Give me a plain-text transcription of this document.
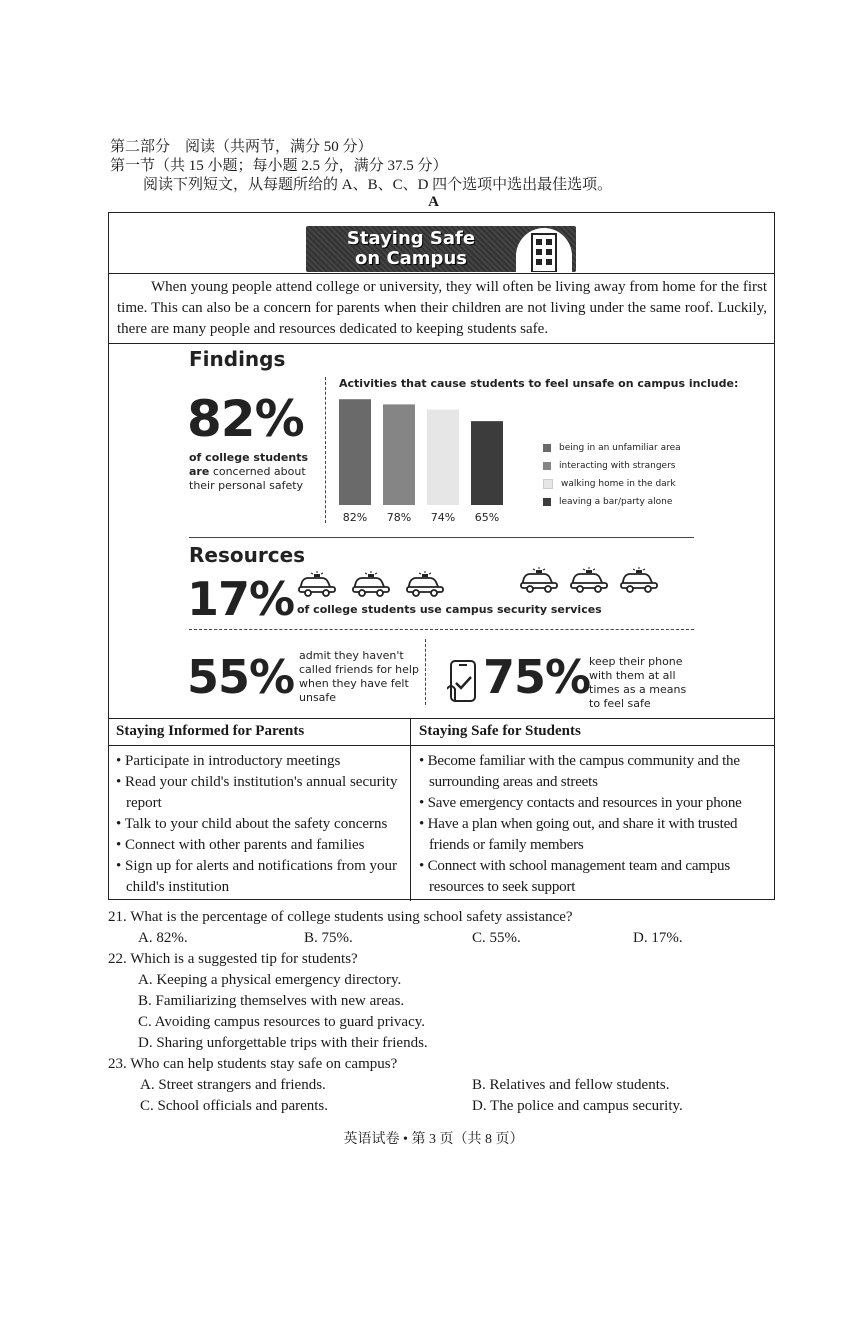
第二部分　阅读（共两节，满分 50 分）
第一节（共 15 小题；每小题 2.5 分，满分 37.5 分）
阅读下列短文，从每题所给的 A、B、C、D 四个选项中选出最佳选项。
A
Staying Safe
on Campus
When young people attend college or university, they will often be living away from home for the first time. This can also be a concern for parents when their children are not living under the same roof. Luckily, there are many people and resources dedicated to keeping students safe.
Findings
82%
of college students are concerned about their personal safety
Activities that cause students to feel unsafe on campus include:
82% 78% 74% 65%
being in an unfamiliar area
interacting with strangers
walking home in the dark
leaving a bar/party alone
Resources
17% of college students use campus security services
55% admit they haven't called friends for help when they have felt unsafe	75%
keep their phone with them at all times as a means to feel safe
Staying Informed for Parents	Staying Safe for Students
• Participate in introductory meetings
• Read your child's institution's annual security report
• Talk to your child about the safety concerns
• Connect with other parents and families
• Sign up for alerts and notifications from your child's institution
• Become familiar with the campus community and the surrounding areas and streets
• Save emergency contacts and resources in your phone
• Have a plan when going out, and share it with trusted friends or family members
• Connect with school management team and campus resources to seek support
21. What is the percentage of college students using school safety assistance?
A. 82%.	B. 75%.	C. 55%.	D. 17%.
22. Which is a suggested tip for students?
A. Keeping a physical emergency directory.
B. Familiarizing themselves with new areas.
C. Avoiding campus resources to guard privacy.
D. Sharing unforgettable trips with their friends.
23. Who can help students stay safe on campus?
A. Street strangers and friends.	B. Relatives and fellow students.
C. School officials and parents.	D. The police and campus security.
英语试卷 • 第 3 页（共 8 页）
